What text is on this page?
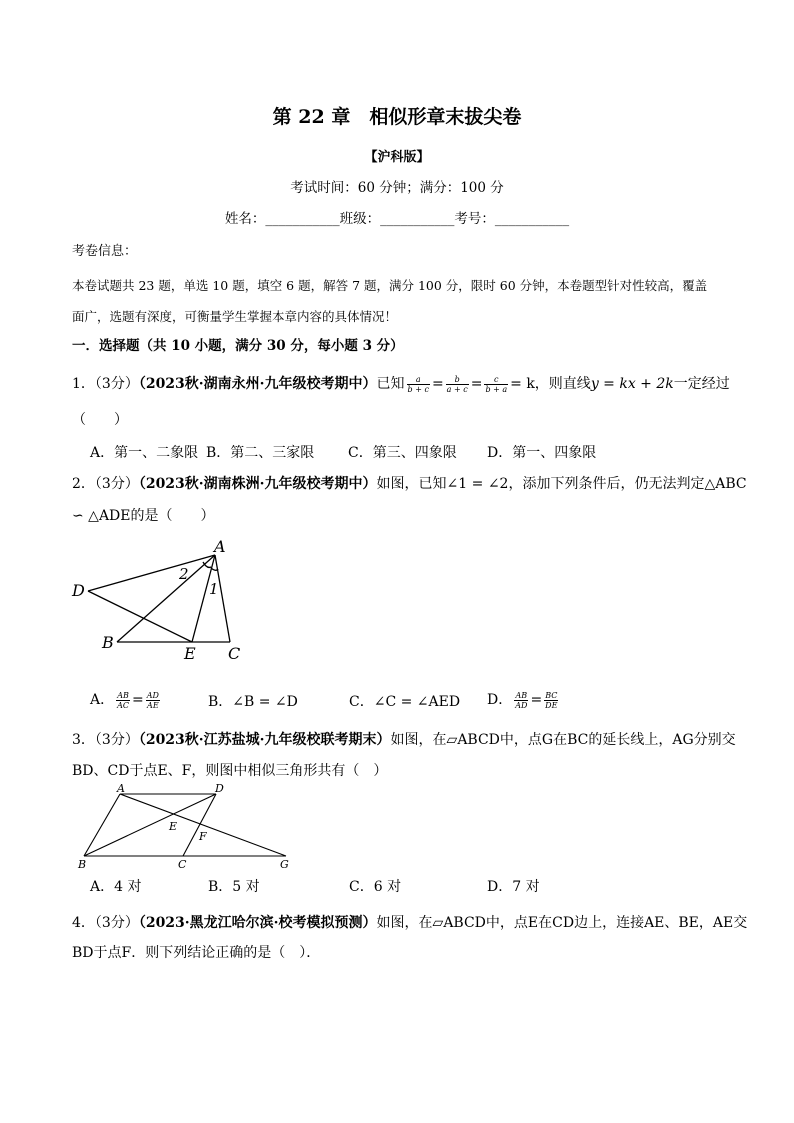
第 22 章　相似形章末拔尖卷
【沪科版】
考试时间：60 分钟；满分：100 分
姓名：___________班级：___________考号：___________
考卷信息：
本卷试题共 23 题，单选 10 题，填空 6 题，解答 7 题，满分 100 分，限时 60 分钟，本卷题型针对性较高，覆盖
面广，选题有深度，可衡量学生掌握本章内容的具体情况！
一．选择题（共 10 小题，满分 30 分，每小题 3 分）
1．（3分）（2023秋·湖南永州·九年级校考期中）已知 $\frac{a}{b + c} = \frac{b}{a + c} = \frac{c}{b + a} = k$，则直线y = kx + 2k一定经过
（　　）
A．第一、二象限 B．第二、三家限 C．第三、四象限 D．第一、四象限
2．（3分）（2023秋·湖南株洲·九年级校考期中）如图，已知∠1 = ∠2，添加下列条件后，仍无法判定△ABC
∽ △ADE的是（　　）
A
D
2
1
B
E C
A． $\frac{AB}{AC} = \frac{AD}{AE}$	B．∠B = ∠D	C．∠C = ∠AED D． $\frac{AB}{AD} = \frac{BC}{DE}$
3．（3分）（2023秋·江苏盐城·九年级校联考期末）如图，在▱ABCD中，点G在BC的延长线上，AG分别交
BD、CD于点E、F，则图中相似三角形共有（　）
A	D
E
F
B	C	G
A．4 对	B．5 对	C．6 对	D．7 对
4．（3分）（2023·黑龙江哈尔滨·校考模拟预测）如图，在▱ABCD中，点E在CD边上，连接AE、BE，AE交
BD于点F．则下列结论正确的是（　）．
